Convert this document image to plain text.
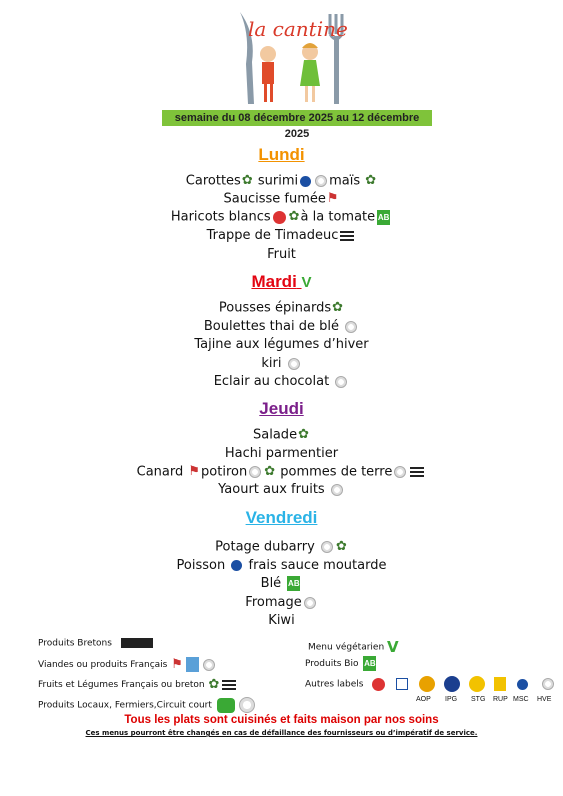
la cantine
semaine du 08 décembre 2025 au 12 décembre 2025
Lundi
Carottes✿ surimi maïs ✿
Saucisse fumée⚑
Haricots blancs ✿à la tomate AB
Trappe de Timadeuc
Fruit
Mardi V
Pousses épinards✿
Boulettes thai de blé
Tajine aux légumes d’hiver
kiri
Eclair au chocolat
Jeudi
Salade✿
Hachi parmentier
Canard ⚑potiron ✿ pommes de terre
Yaourt aux fruits
Vendredi
Potage dubarry ✿
Poisson frais sauce moutarde
Blé AB
Fromage
Kiwi
Produits Bretons
Viandes ou produits Français ⚑
Fruits et Légumes Français ou breton ✿
Produits Locaux, Fermiers,Circuit court
Menu végétarien V
Produits Bio AB
Autres labels
AOP IPG STG RUP MSC HVE
Tous les plats sont cuisinés et faits maison par nos soins
Ces menus pourront être changés en cas de défaillance des fournisseurs ou d’impératif de service.
